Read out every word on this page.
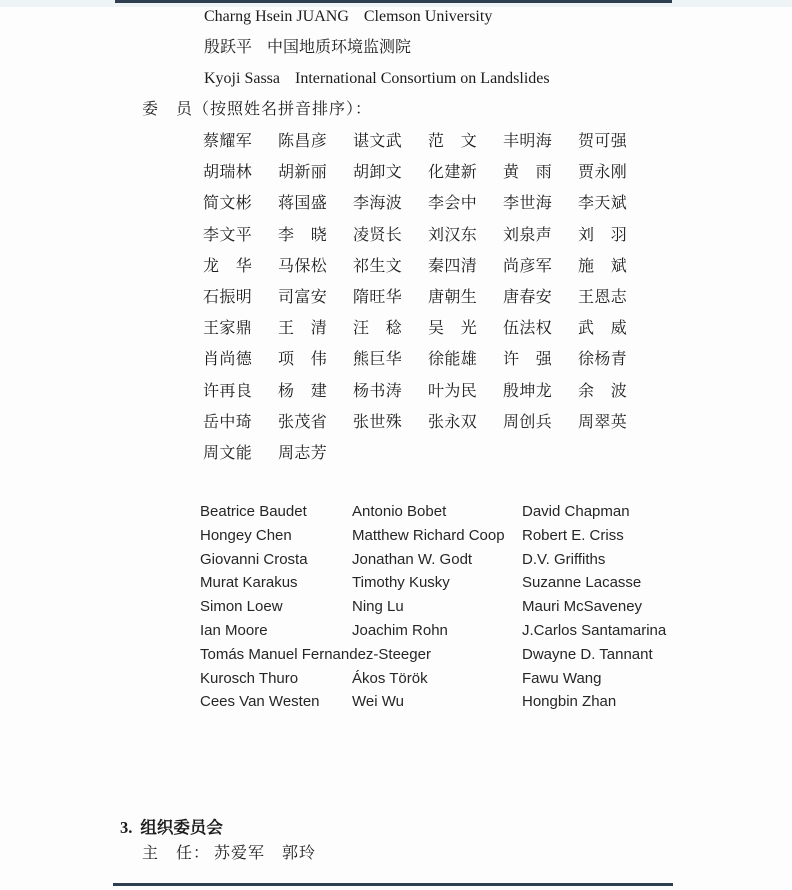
Charng Hsein JUANG Clemson University
殷跃平 中国地质环境监测院
Kyoji Sassa International Consortium on Landslides
委　员（按照姓名拼音排序）：
蔡耀军	陈昌彦	谌文武	范　文	丰明海	贺可强
胡瑞林	胡新丽	胡卸文	化建新	黄　雨	贾永刚
简文彬	蒋国盛	李海波	李会中	李世海	李天斌
李文平	李　晓	凌贤长	刘汉东	刘泉声	刘　羽
龙　华	马保松	祁生文	秦四清	尚彦军	施　斌
石振明	司富安	隋旺华	唐朝生	唐春安	王恩志
王家鼎	王　清	汪　稔	吴　光	伍法权	武　威
肖尚德	项　伟	熊巨华	徐能雄	许　强	徐杨青
许再良	杨　建	杨书涛	叶为民	殷坤龙	余　波
岳中琦	张茂省	张世殊	张永双	周创兵	周翠英
周文能	周志芳
Beatrice Baudet	Antonio Bobet	David Chapman
Hongey Chen	Matthew Richard Coop	Robert E. Criss
Giovanni Crosta	Jonathan W. Godt	D.V. Griffiths
Murat Karakus	Timothy Kusky	Suzanne Lacasse
Simon Loew	Ning Lu	Mauri McSaveney
Ian Moore	Joachim Rohn	J.Carlos Santamarina
Tomás Manuel Fernandez-Steeger	Dwayne D. Tannant
Kurosch Thuro	Ákos Török	Fawu Wang
Cees Van Westen	Wei Wu	Hongbin Zhan
3. 组织委员会
主　任： 苏爱军　郭玲
